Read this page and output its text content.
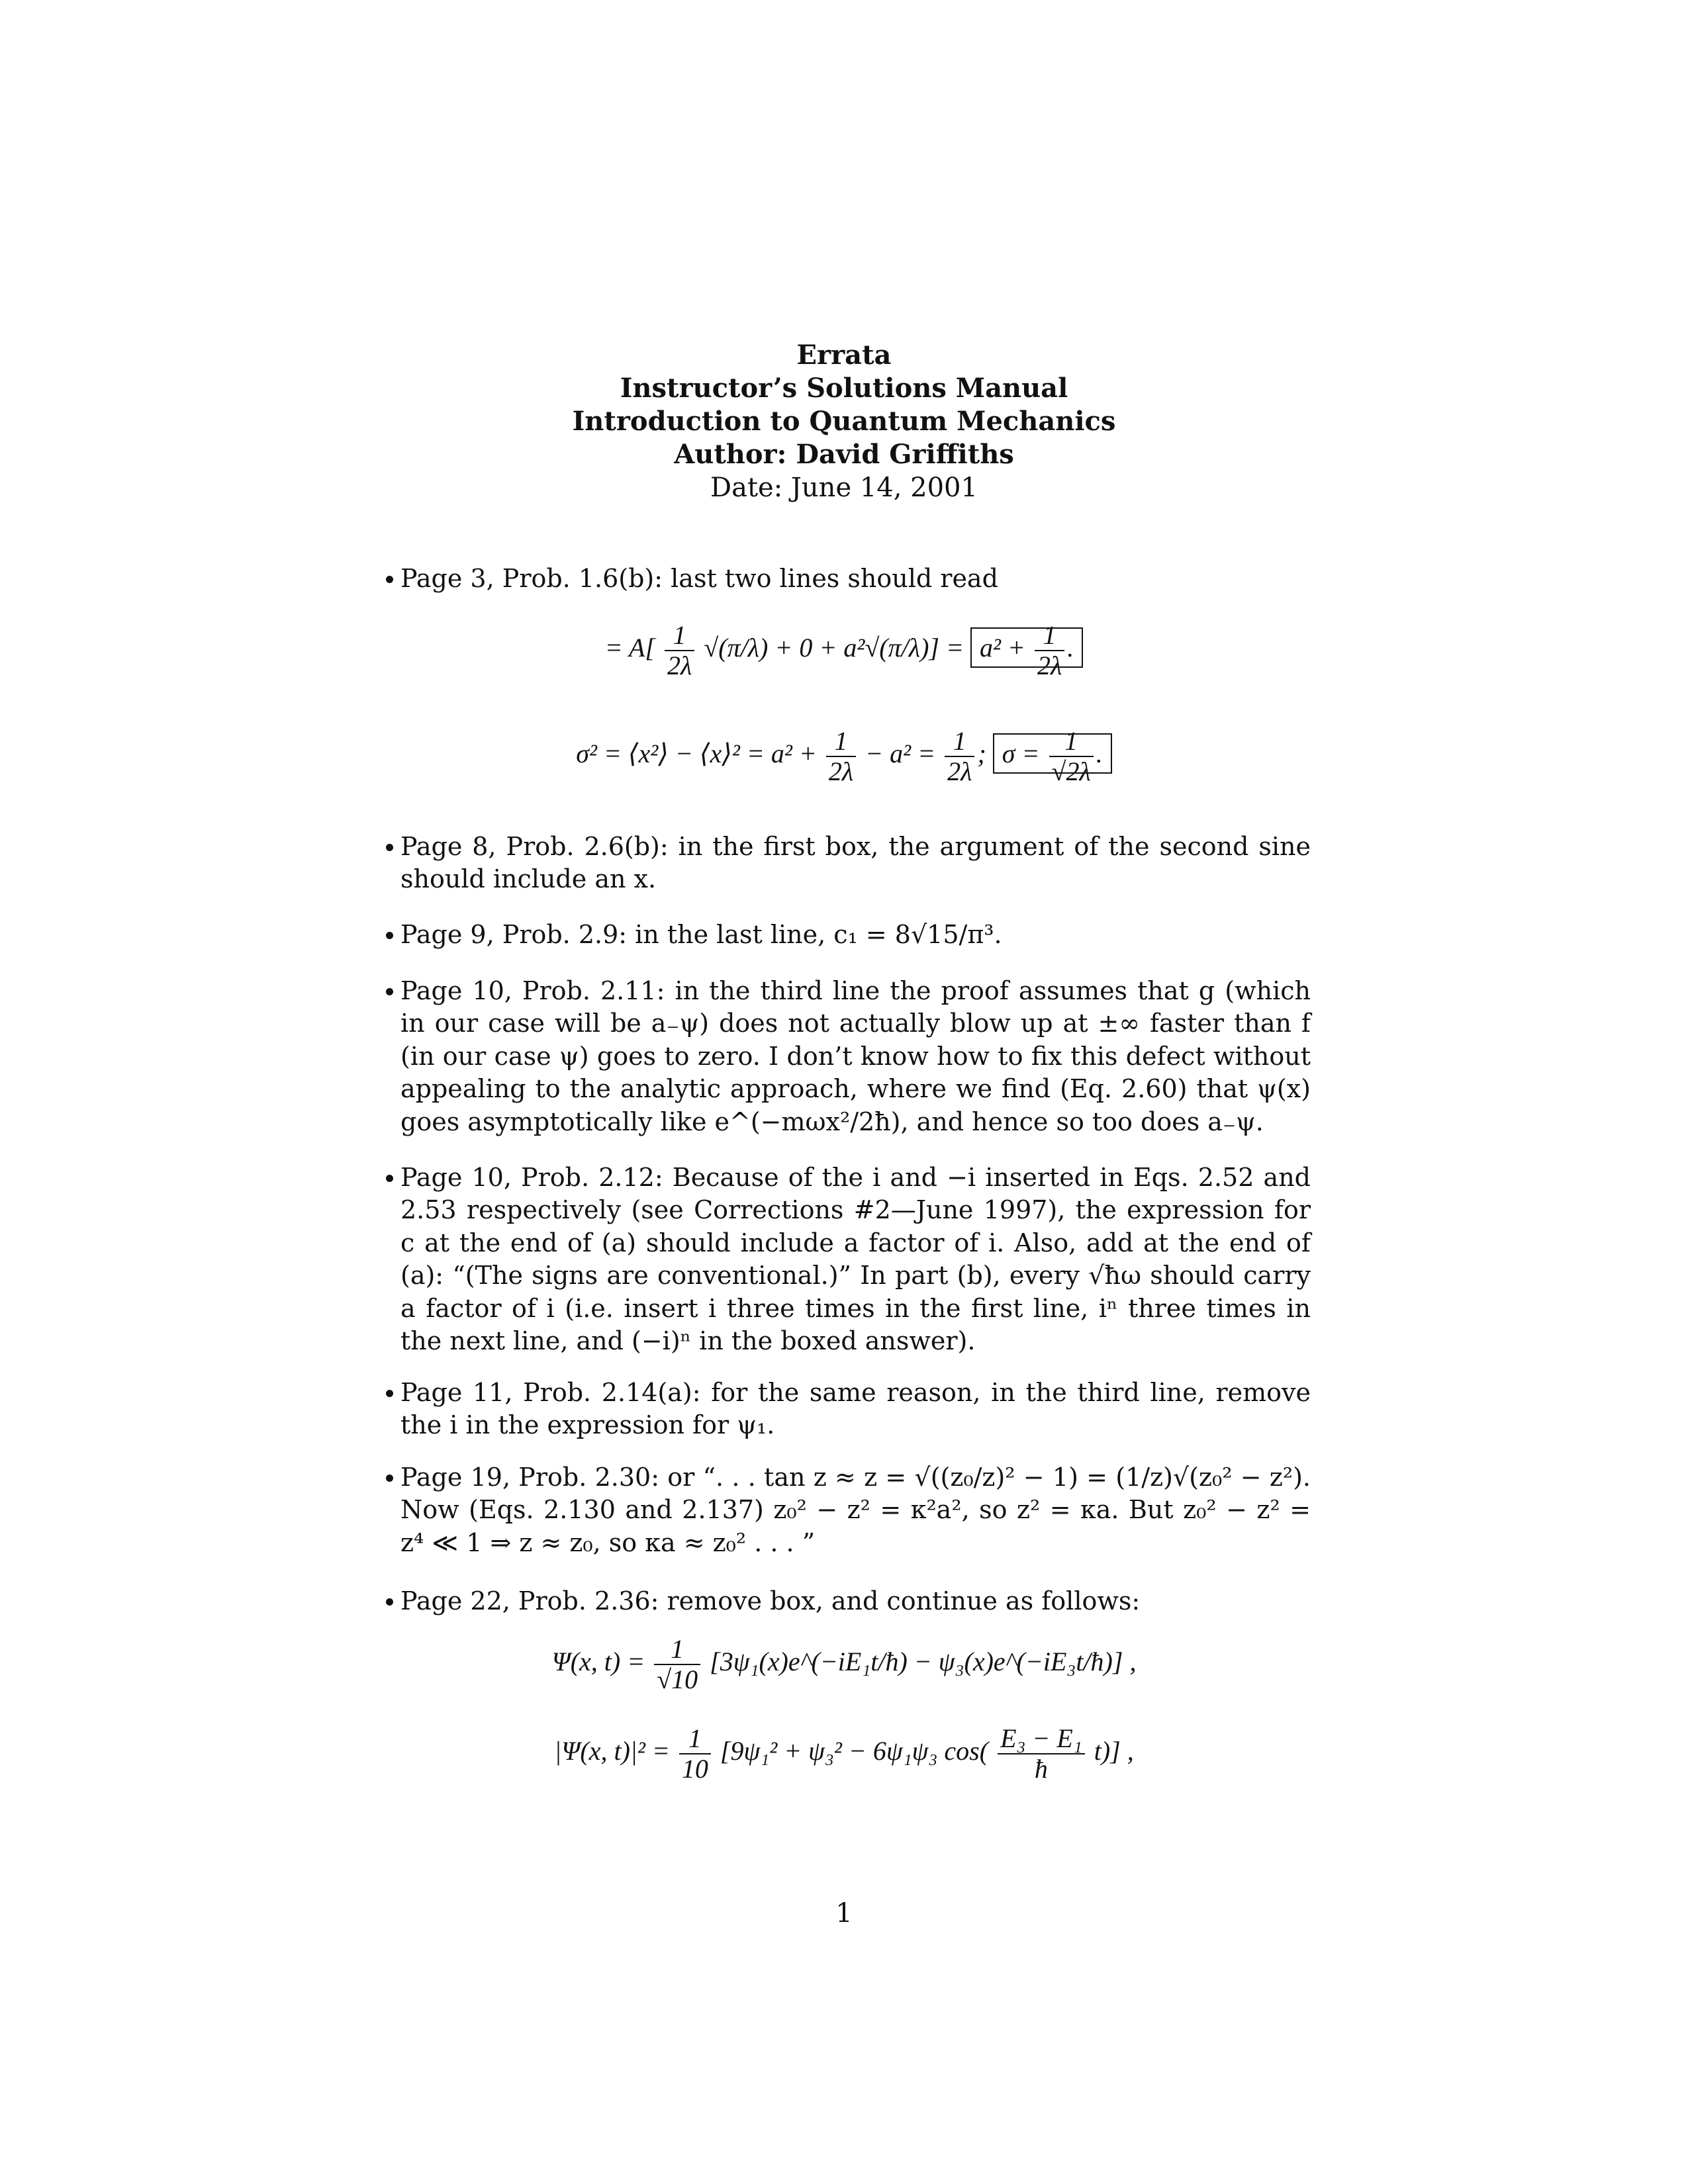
Errata
Instructor’s Solutions Manual
Introduction to Quantum Mechanics
Author: David Griffiths
Date: June 14, 2001

Page 3, Prob. 1.6(b): last two lines should read

= $A[ \frac{1}{2\lambda} √(\pi/\lambda) + 0 + a^2√(\pi/\lambda)] = a^2 + \frac{1}{2\lambda}$ .
σ² = ⟨x²⟩ − ⟨x⟩² = $a^2 + \frac{1}{2\lambda} - a^2 = \frac{1}{2\lambda}$ ; $\sigma = \frac{1}{√2\lambda}$ .

Page 8, Prob. 2.6(b): in the first box, the argument of the second sine should include an x.

Page 9, Prob. 2.9: in the last line, c₁ = 8√15/π³.

Page 10, Prob. 2.11: in the third line the proof assumes that g (which in our case will be a₋ψ) does not actually blow up at ±∞ faster than f (in our case ψ) goes to zero. I don’t know how to fix this defect without appealing to the analytic approach, where we find (Eq. 2.60) that ψ(x) goes asymptotically like e^(−mωx²/2ħ), and hence so too does a₋ψ.

Page 10, Prob. 2.12: Because of the i and −i inserted in Eqs. 2.52 and 2.53 respectively (see Corrections #2—June 1997), the expression for c at the end of (a) should include a factor of i. Also, add at the end of (a): “(The signs are conventional.)” In part (b), every √ħω should carry a factor of i (i.e. insert i three times in the first line, iⁿ three times in the next line, and (−i)ⁿ in the boxed answer).

Page 11, Prob. 2.14(a): for the same reason, in the third line, remove the i in the expression for ψ₁.

Page 19, Prob. 2.30: or “. . . tan z ≈ z = √((z₀/z)² − 1) = (1/z)√(z₀² − z²). Now (Eqs. 2.130 and 2.137) z₀² − z² = κ²a², so z² = κa. But z₀² − z² = z⁴ ≪ 1 ⇒ z ≈ z₀, so κa ≈ z₀² . . . ”

Page 22, Prob. 2.36: remove box, and continue as follows:

Ψ(x, $t) = \frac{1}{√10}$ [3ψ₁(x)e^(−iE₁t/ħ) − ψ₃(x)e^(−iE₃t/ħ)] ,
|Ψ(x, $t)|^2 = \frac{1}{10} [9\psi_1^2 + \psi_3^2 - 6\psi_1\psi_3$ $\cos( \frac{\text{E₃ − E₁}}{ħ} t)$] ,
1
